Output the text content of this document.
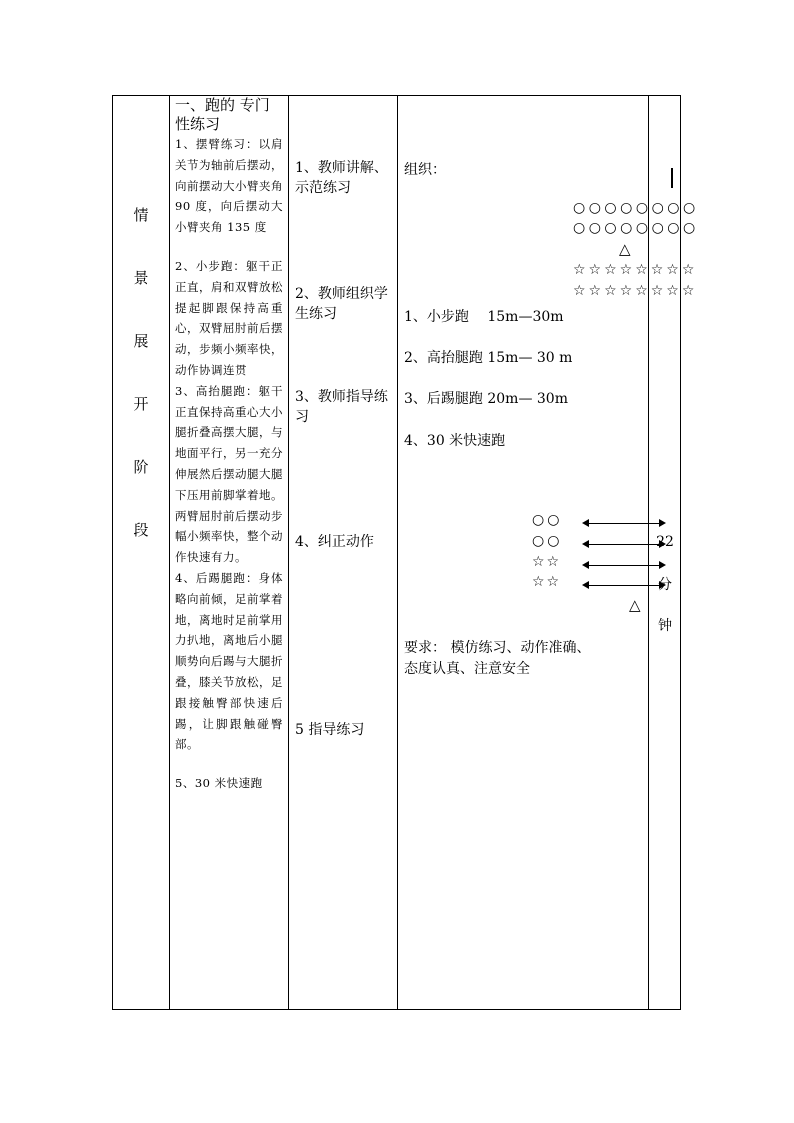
情
景
展
开
阶
段
一、跑的 专门性练习
1、摆臂练习：以肩关节为轴前后摆动，向前摆动大小臂夹角 90 度，向后摆动大小臂夹角 135 度
2、小步跑：躯干正正直，肩和双臂放松提起脚跟保持高重心，双臂屈肘前后摆动，步频小频率快，动作协调连贯
3、高抬腿跑：躯干正直保持高重心大小腿折叠高摆大腿，与地面平行，另一充分伸展然后摆动腿大腿下压用前脚掌着地。两臂屈肘前后摆动步幅小频率快，整个动作快速有力。
4、后踢腿跑：身体略向前倾，足前掌着地，离地时足前掌用力扒地，离地后小腿顺势向后踢与大腿折叠，膝关节放松，足跟接触臀部快速后踢，让脚跟触碰臀部。
5、30 米快速跑
1、教师讲解、示范练习
2、教师组织学生练习
3、教师指导练习
4、纠正动作
5 指导练习
组织：
○○○○○○○○
○○○○○○○○
△
☆☆☆☆☆☆☆☆
☆☆☆☆☆☆☆☆
1、小步跑　 15m—30m
2、高抬腿跑 15m— 30 m
3、后踢腿跑 20m— 30m
4、30 米快速跑
○○
○○
☆☆
☆☆
△
要求： 模仿练习、动作准确、
态度认真、注意安全
22
分
钟
